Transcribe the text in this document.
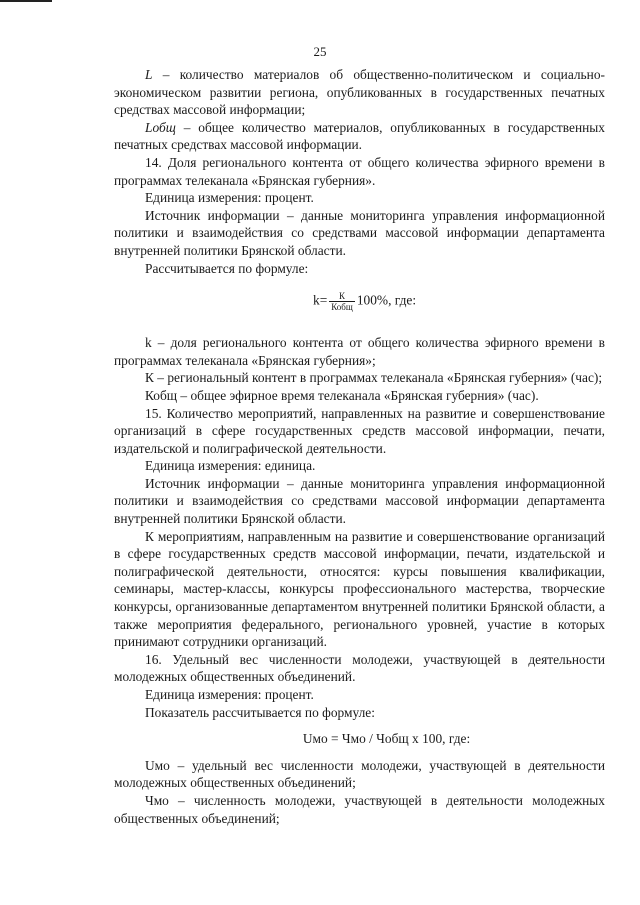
25

L – количество материалов об общественно-политическом и социально-экономическом развитии региона, опубликованных в государственных печатных средствах массовой информации;

Lобщ – общее количество материалов, опубликованных в государственных печатных средствах массовой информации.

14. Доля регионального контента от общего количества эфирного времени в программах телеканала «Брянская губерния».

Единица измерения: процент.

Источник информации – данные мониторинга управления информационной политики и взаимодействия со средствами массовой информации департамента внутренней политики Брянской области.

Рассчитывается по формуле:

$k= \frac{К}{\text{Кобщ}} 100\%$, где:

k – доля регионального контента от общего количества эфирного времени в программах телеканала «Брянская губерния»;

К – региональный контент в программах телеканала «Брянская губерния» (час);

Кобщ – общее эфирное время телеканала «Брянская губерния» (час).

15. Количество мероприятий, направленных на развитие и совершенствование организаций в сфере государственных средств массовой информации, печати, издательской и полиграфической деятельности.

Единица измерения: единица.

Источник информации – данные мониторинга управления информационной политики и взаимодействия со средствами массовой информации департамента внутренней политики Брянской области.

К мероприятиям, направленным на развитие и совершенствование организаций в сфере государственных средств массовой информации, печати, издательской и полиграфической деятельности, относятся: курсы повышения квалификации, семинары, мастер-классы, конкурсы профессионального мастерства, творческие конкурсы, организованные департаментом внутренней политики Брянской области, а также мероприятия федерального, регионального уровней, участие в которых принимают сотрудники организаций.

16. Удельный вес численности молодежи, участвующей в деятельности молодежных общественных объединений.

Единица измерения: процент.

Показатель рассчитывается по формуле:

Uмо = Чмо / Чобщ x 100, где:

Uмо – удельный вес численности молодежи, участвующей в деятельности молодежных общественных объединений;

Чмо – численность молодежи, участвующей в деятельности молодежных общественных объединений;
